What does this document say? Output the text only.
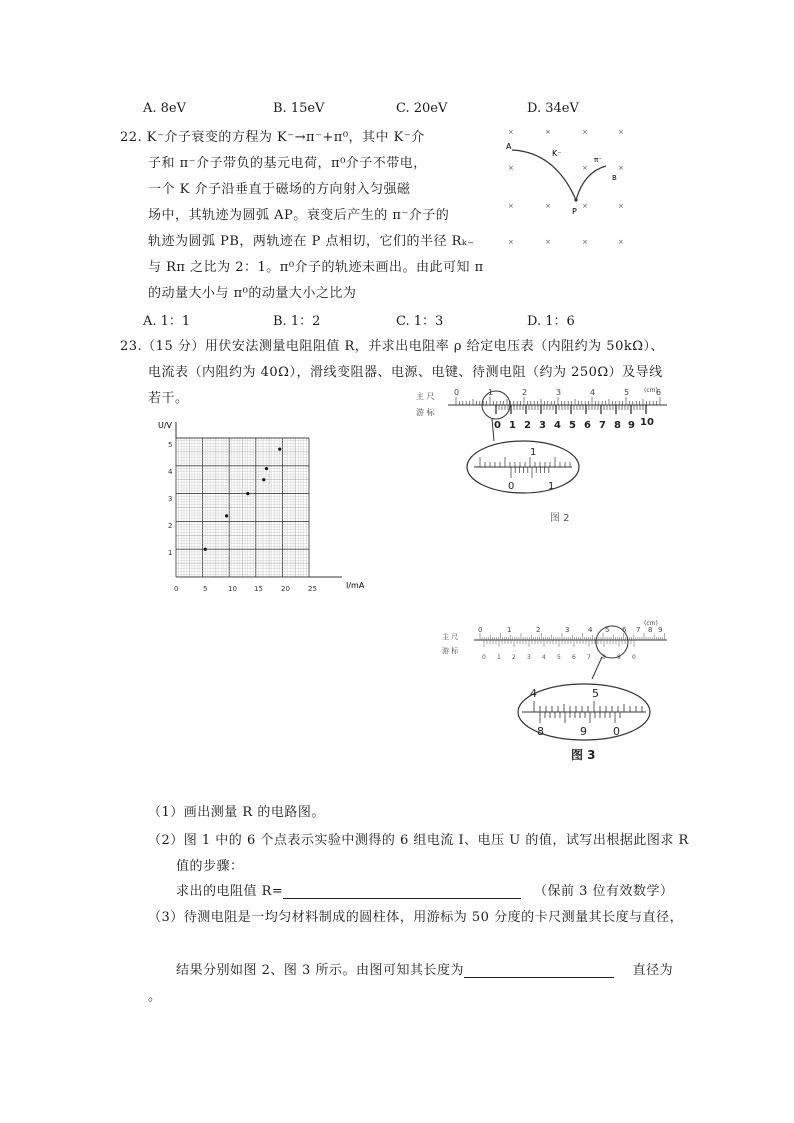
A. 8eV	B. 15eV	C. 20eV	D. 34eV
22. K⁻介子衰变的方程为 K⁻→π⁻+π⁰，其中 K⁻介
子和 π⁻介子带负的基元电荷，π⁰介子不带电，
一个 K 介子沿垂直于磁场的方向射入匀强磁
场中，其轨迹为圆弧 AP。衰变后产生的 π⁻介子的
轨迹为圆弧 PB，两轨迹在 P 点相切，它们的半径 Rₖ₋
与 Rπ 之比为 2：1。π⁰介子的轨迹未画出。由此可知 π
的动量大小与 π⁰的动量大小之比为
×	×	×	×
×	×	×
×	×	×	×
×	×	×	×
A
K⁻
P
π⁻
B
A. 1：1	B. 1：2	C. 1：3	D. 1：6
23.（15 分）用伏安法测量电阻阻值 R，并求出电阻率 ρ 给定电压表（内阻约为 50kΩ）、
电流表（内阻约为 40Ω），滑线变阻器、电源、电键、待测电阻（约为 250Ω）及导线
若干。
U/V
I/mA
0	5	10 15	20	25
1
2
3
4
5
主 尺
游 标
(cm)
0	1	2	3	4	5	6
0 1 2 3 4 5 6 7 8 9 10
1
0	1
图 2
主 尺
游 标
(cm)
0	1	2	3	4 5 6 7 8 9
0 1 2 3 4 5 6 7 8 9 0
4	5
8	9 0
图 3
（1）画出测量 R 的电路图。
（2）图 1 中的 6 个点表示实验中测得的 6 组电流 I、电压 U 的值，试写出根据此图求 R
值的步骤：
求出的电阻值 R=	（保前 3 位有效数学）
（3）待测电阻是一均匀材料制成的圆柱体，用游标为 50 分度的卡尺测量其长度与直径，
结果分别如图 2、图 3 所示。由图可知其长度为	直径为
。
